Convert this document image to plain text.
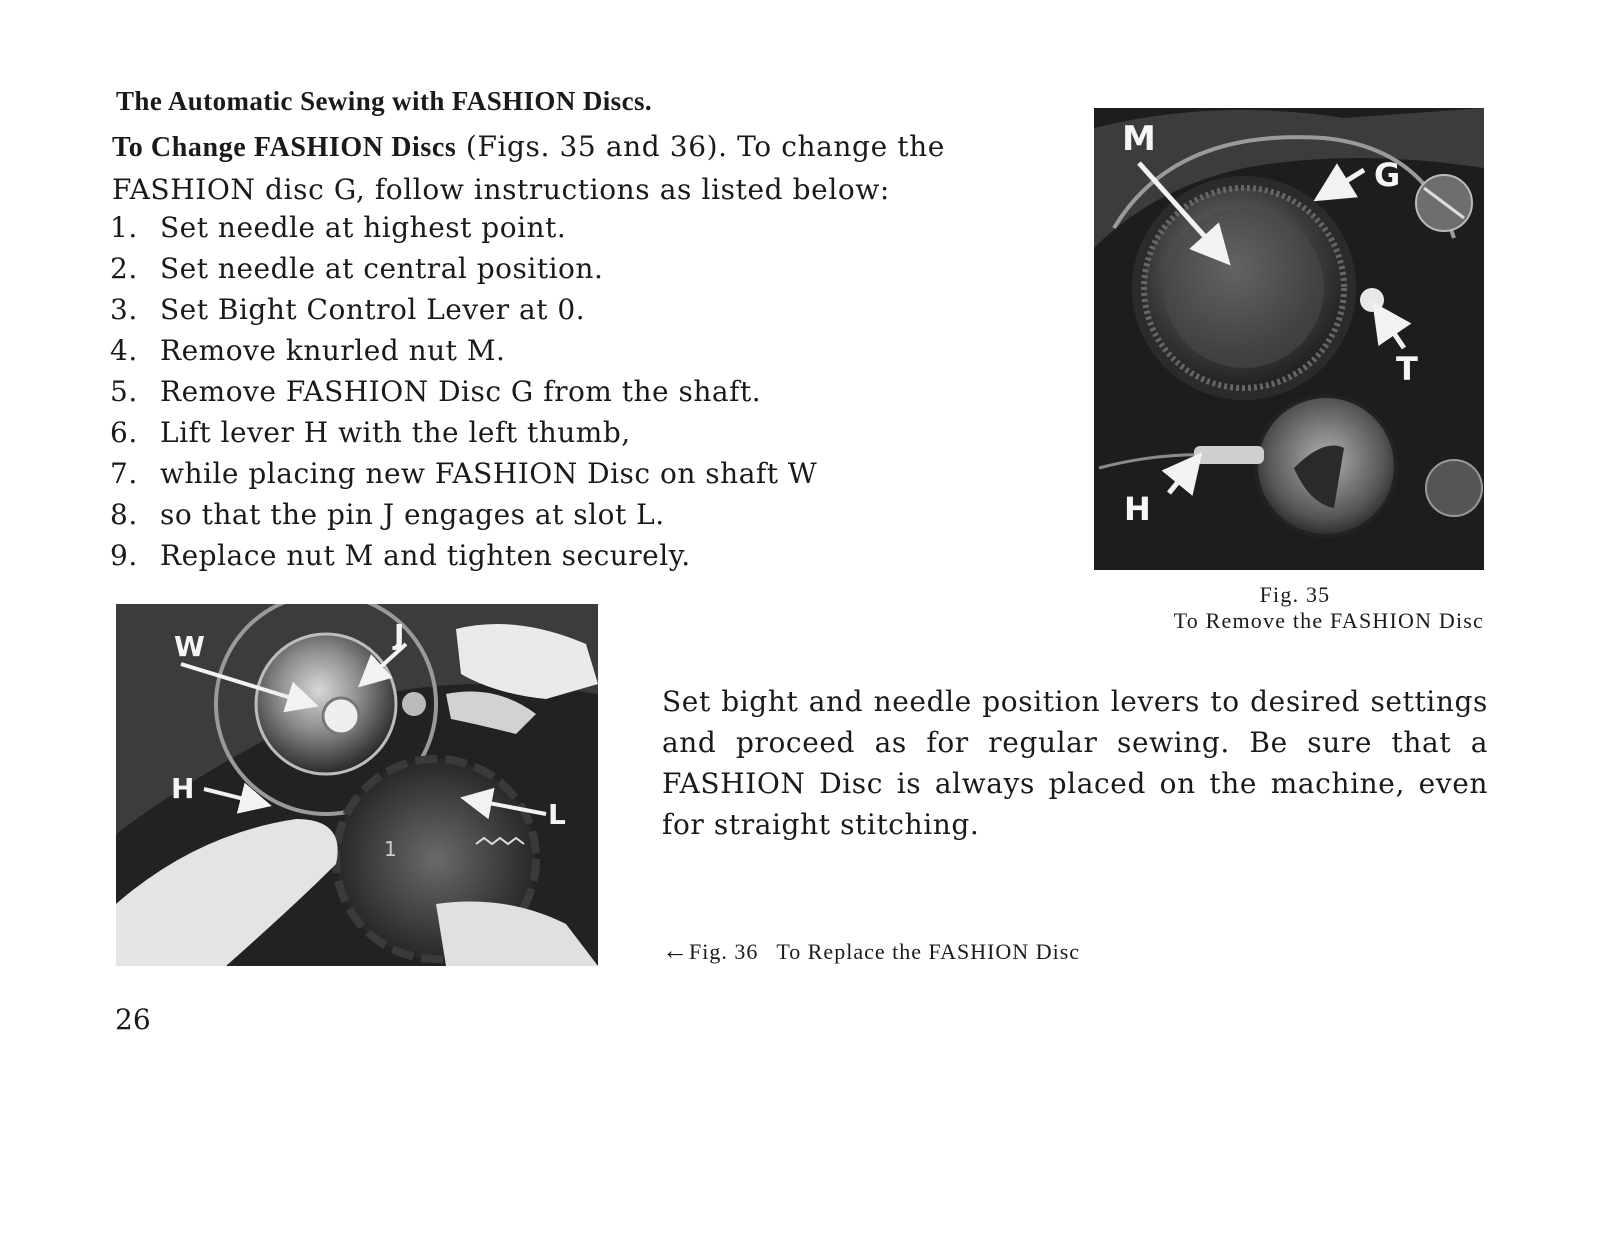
The Automatic Sewing with FASHION Discs.

To Change FASHION Discs (Figs. 35 and 36). To change the FASHION disc G, follow instructions as listed below:

1. Set needle at highest point.
2. Set needle at central position.
3. Set Bight Control Lever at 0.
4. Remove knurled nut M.
5. Remove FASHION Disc G from the shaft.
6. Lift lever H with the left thumb,
7. while placing new FASHION Disc on shaft W
8. so that the pin J engages at slot L.
9. Replace nut M and tighten securely.
M
G
T
H
Fig. 35
To Remove the FASHION Disc
W	J
H
L
1

Set bight and needle position levers to desired settings and proceed as for regular sewing. Be sure that a FASHION Disc is always placed on the machine, even for straight stitching.

←Fig. 36 To Replace the FASHION Disc
26
